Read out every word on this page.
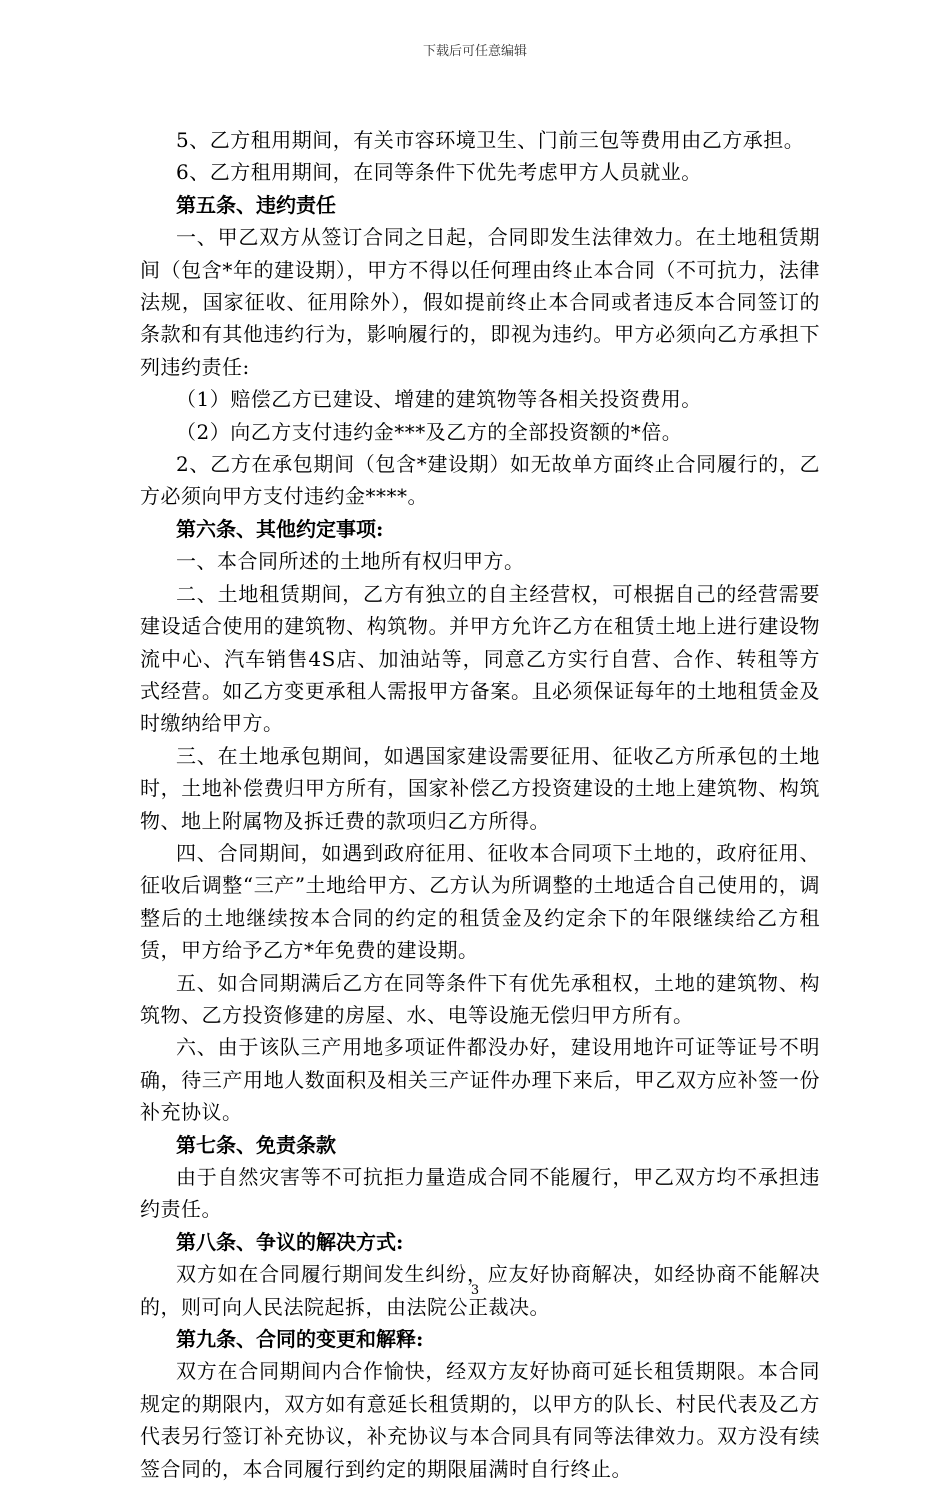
下载后可任意编辑

5、乙方租用期间，有关市容环境卫生、门前三包等费用由乙方承担。

6、乙方租用期间，在同等条件下优先考虑甲方人员就业。

第五条、违约责任

一、甲乙双方从签订合同之日起，合同即发生法律效力。在土地租赁期间（包含*年的建设期），甲方不得以任何理由终止本合同（不可抗力，法律法规，国家征收、征用除外），假如提前终止本合同或者违反本合同签订的条款和有其他违约行为，影响履行的，即视为违约。甲方必须向乙方承担下列违约责任:

（1）赔偿乙方已建设、增建的建筑物等各相关投资费用。

（2）向乙方支付违约金***及乙方的全部投资额的*倍。

2、乙方在承包期间（包含*建设期）如无故单方面终止合同履行的，乙方必须向甲方支付违约金****。

第六条、其他约定事项:

一、本合同所述的土地所有权归甲方。

二、土地租赁期间，乙方有独立的自主经营权，可根据自己的经营需要建设适合使用的建筑物、构筑物。并甲方允许乙方在租赁土地上进行建设物流中心、汽车销售4S店、加油站等，同意乙方实行自营、合作、转租等方式经营。如乙方变更承租人需报甲方备案。且必须保证每年的土地租赁金及时缴纳给甲方。

三、在土地承包期间，如遇国家建设需要征用、征收乙方所承包的土地时，土地补偿费归甲方所有，国家补偿乙方投资建设的土地上建筑物、构筑物、地上附属物及拆迁费的款项归乙方所得。

四、合同期间，如遇到政府征用、征收本合同项下土地的，政府征用、征收后调整“三产”土地给甲方、乙方认为所调整的土地适合自己使用的，调整后的土地继续按本合同的约定的租赁金及约定余下的年限继续给乙方租赁，甲方给予乙方*年免费的建设期。

五、如合同期满后乙方在同等条件下有优先承租权，土地的建筑物、构筑物、乙方投资修建的房屋、水、电等设施无偿归甲方所有。

六、由于该队三产用地多项证件都没办好，建设用地许可证等证号不明确，待三产用地人数面积及相关三产证件办理下来后，甲乙双方应补签一份补充协议。

第七条、免责条款

由于自然灾害等不可抗拒力量造成合同不能履行，甲乙双方均不承担违约责任。

第八条、争议的解决方式:

双方如在合同履行期间发生纠纷，应友好协商解决，如经协商不能解决的，则可向人民法院起拆，由法院公正裁决。

第九条、合同的变更和解释:

双方在合同期间内合作愉快，经双方友好协商可延长租赁期限。本合同规定的期限内，双方如有意延长租赁期的，以甲方的队长、村民代表及乙方代表另行签订补充协议，补充协议与本合同具有同等法律效力。双方没有续签合同的，本合同履行到约定的期限届满时自行终止。

3
